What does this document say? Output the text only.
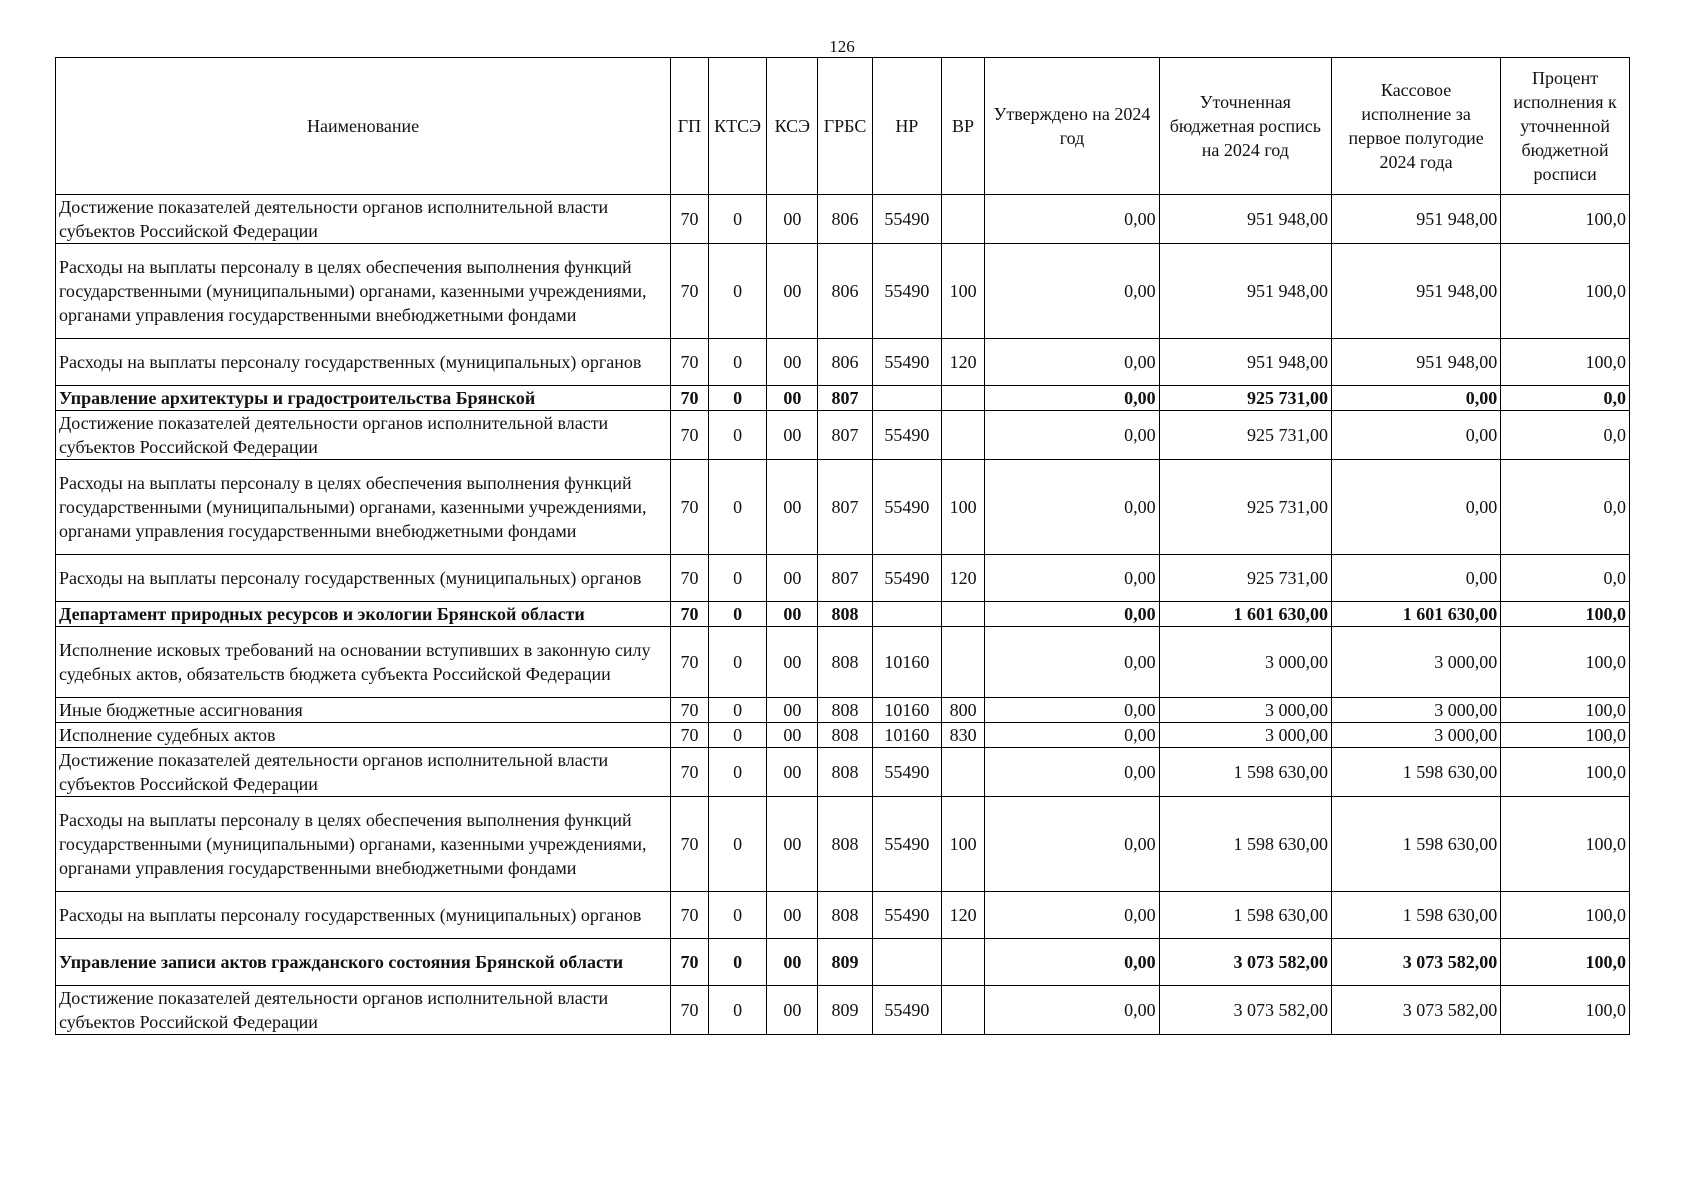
126
Наименование	ГП	КТСЭ	КСЭ	ГРБС	НР	ВР	Утверждено на 2024 год	Уточненная бюджетная роспись на 2024 год	Кассовое исполнение за первое полугодие 2024 года	Процент исполнения к уточненной бюджетной росписи
Достижение показателей деятельности органов исполнительной власти субъектов Российской Федерации	70	0	00	806	55490		0,00	951 948,00	951 948,00	100,0
Расходы на выплаты персоналу в целях обеспечения выполнения функций государственными (муниципальными) органами, казенными учреждениями, органами управления государственными внебюджетными фондами	70	0	00	806	55490	100	0,00	951 948,00	951 948,00	100,0
Расходы на выплаты персоналу государственных (муниципальных) органов	70	0	00	806	55490	120	0,00	951 948,00	951 948,00	100,0
Управление архитектуры и градостроительства Брянской	70	0	00	807			0,00	925 731,00	0,00	0,0
Достижение показателей деятельности органов исполнительной власти субъектов Российской Федерации	70	0	00	807	55490		0,00	925 731,00	0,00	0,0
Расходы на выплаты персоналу в целях обеспечения выполнения функций государственными (муниципальными) органами, казенными учреждениями, органами управления государственными внебюджетными фондами	70	0	00	807	55490	100	0,00	925 731,00	0,00	0,0
Расходы на выплаты персоналу государственных (муниципальных) органов	70	0	00	807	55490	120	0,00	925 731,00	0,00	0,0
Департамент природных ресурсов и экологии Брянской области	70	0	00	808			0,00	1 601 630,00	1 601 630,00	100,0
Исполнение исковых требований на основании вступивших в законную силу судебных актов, обязательств бюджета субъекта Российской Федерации	70	0	00	808	10160		0,00	3 000,00	3 000,00	100,0
Иные бюджетные ассигнования	70	0	00	808	10160	800	0,00	3 000,00	3 000,00	100,0
Исполнение судебных актов	70	0	00	808	10160	830	0,00	3 000,00	3 000,00	100,0
Достижение показателей деятельности органов исполнительной власти субъектов Российской Федерации	70	0	00	808	55490		0,00	1 598 630,00	1 598 630,00	100,0
Расходы на выплаты персоналу в целях обеспечения выполнения функций государственными (муниципальными) органами, казенными учреждениями, органами управления государственными внебюджетными фондами	70	0	00	808	55490	100	0,00	1 598 630,00	1 598 630,00	100,0
Расходы на выплаты персоналу государственных (муниципальных) органов	70	0	00	808	55490	120	0,00	1 598 630,00	1 598 630,00	100,0
Управление записи актов гражданского состояния Брянской области	70	0	00	809			0,00	3 073 582,00	3 073 582,00	100,0
Достижение показателей деятельности органов исполнительной власти субъектов Российской Федерации	70	0	00	809	55490		0,00	3 073 582,00	3 073 582,00	100,0
